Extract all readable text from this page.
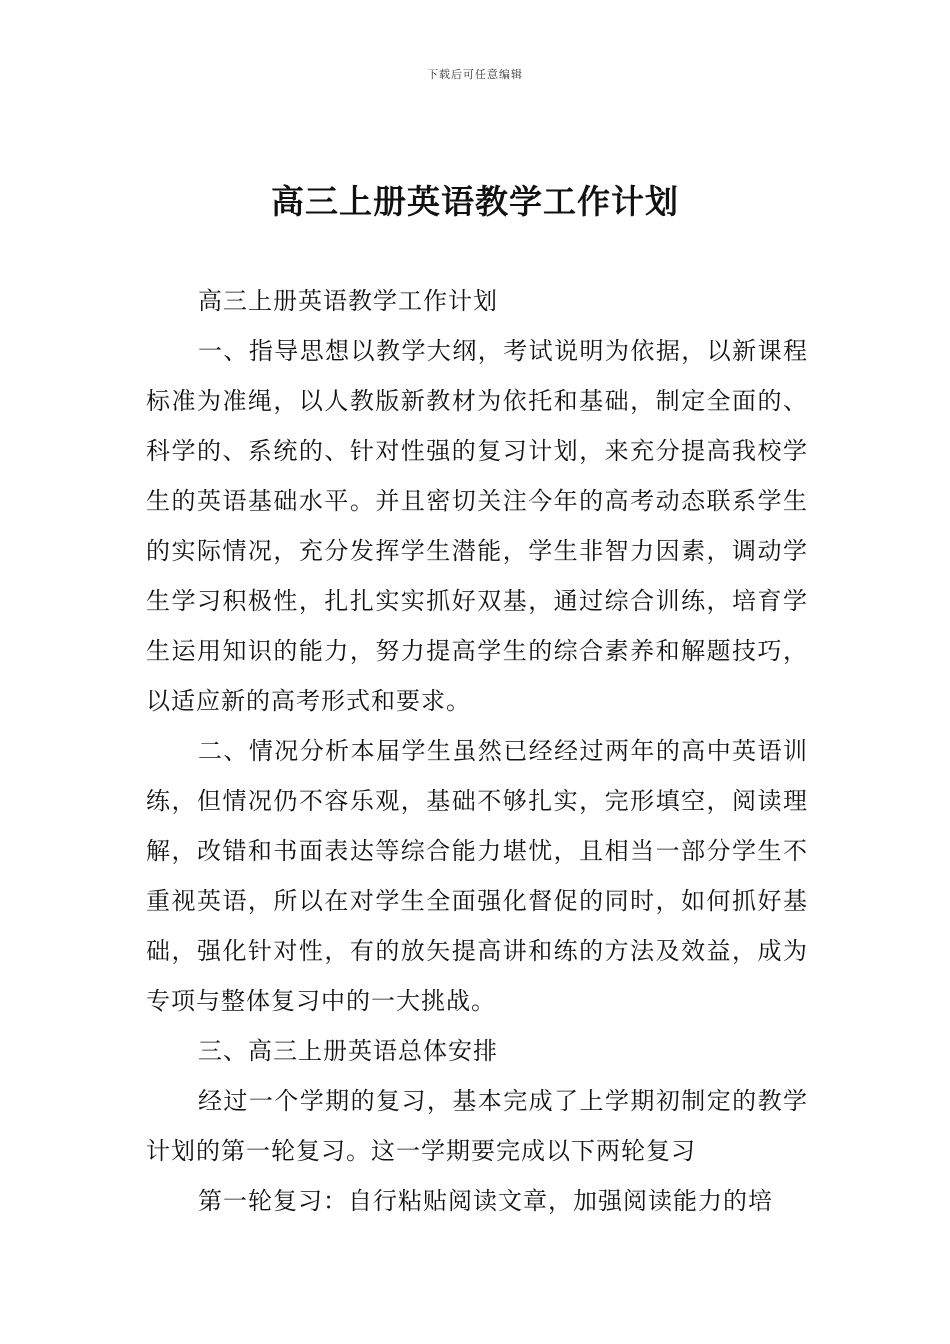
下载后可任意编辑
高三上册英语教学工作计划

高三上册英语教学工作计划

一、指导思想以教学大纲，考试说明为依据，以新课程标准为准绳，以人教版新教材为依托和基础，制定全面的、科学的、系统的、针对性强的复习计划，来充分提高我校学生的英语基础水平。并且密切关注今年的高考动态联系学生的实际情况，充分发挥学生潜能，学生非智力因素，调动学生学习积极性，扎扎实实抓好双基，通过综合训练，培育学生运用知识的能力，努力提高学生的综合素养和解题技巧，以适应新的高考形式和要求。

二、情况分析本届学生虽然已经经过两年的高中英语训练，但情况仍不容乐观，基础不够扎实，完形填空，阅读理解，改错和书面表达等综合能力堪忧，且相当一部分学生不重视英语，所以在对学生全面强化督促的同时，如何抓好基础，强化针对性，有的放矢提高讲和练的方法及效益，成为专项与整体复习中的一大挑战。

三、高三上册英语总体安排

经过一个学期的复习，基本完成了上学期初制定的教学计划的第一轮复习。这一学期要完成以下两轮复习

第一轮复习：自行粘贴阅读文章，加强阅读能力的培
